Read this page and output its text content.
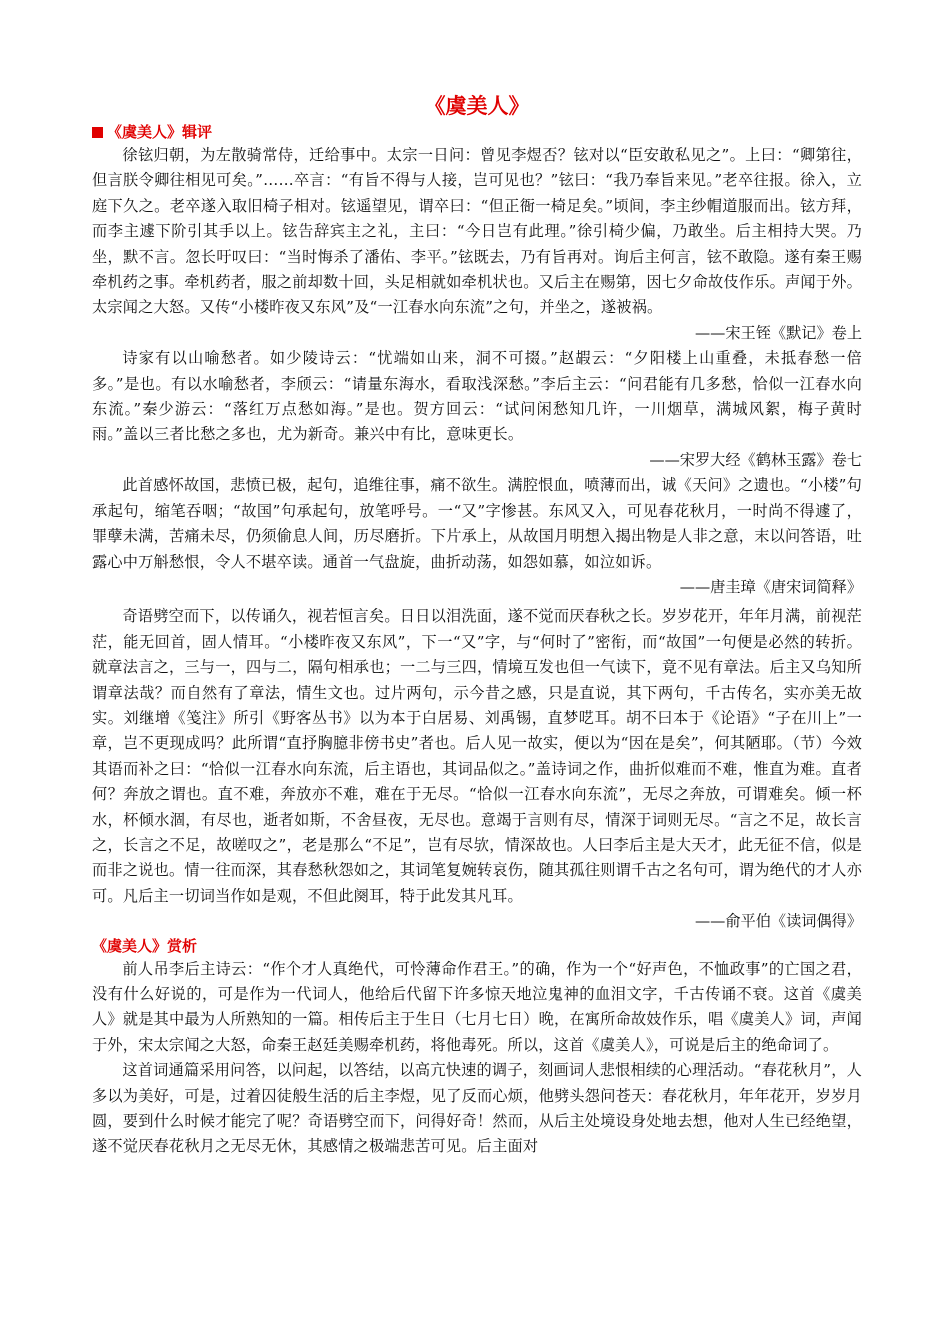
《虞美人》
《虞美人》辑评

徐铉归朝，为左散骑常侍，迁给事中。太宗一日问：曾见李煜否？铉对以“臣安敢私见之”。上曰：“卿第往，但言朕令卿往相见可矣。”……卒言：“有旨不得与人接，岂可见也？”铉曰：“我乃奉旨来见。”老卒往报。徐入，立庭下久之。老卒遂入取旧椅子相对。铉遥望见，谓卒曰：“但正衙一椅足矣。”顷间，李主纱帽道服而出。铉方拜，而李主遽下阶引其手以上。铉告辞宾主之礼，主曰：“今日岂有此理。”徐引椅少偏，乃敢坐。后主相持大哭。乃坐，默不言。忽长吁叹曰：“当时悔杀了潘佑、李平。”铉既去，乃有旨再对。询后主何言，铉不敢隐。遂有秦王赐牵机药之事。牵机药者，服之前却数十回，头足相就如牵机状也。又后主在赐第，因七夕命故伎作乐。声闻于外。太宗闻之大怒。又传“小楼昨夜又东风”及“一江春水向东流”之句，并坐之，遂被祸。

——宋王铚《默记》卷上

诗家有以山喻愁者。如少陵诗云：“忧端如山来，洞不可掇。”赵嘏云：“夕阳楼上山重叠，未抵春愁一倍多。”是也。有以水喻愁者，李颀云：“请量东海水，看取浅深愁。”李后主云：“问君能有几多愁，恰似一江春水向东流。”秦少游云：“落红万点愁如海。”是也。贺方回云：“试问闲愁知几许，一川烟草，满城风絮，梅子黄时雨。”盖以三者比愁之多也，尤为新奇。兼兴中有比，意味更长。

——宋罗大经《鹤林玉露》卷七

此首感怀故国，悲愤已极，起句，追维往事，痛不欲生。满腔恨血，喷薄而出，诚《天问》之遗也。“小楼”句承起句，缩笔吞咽；“故国”句承起句，放笔呼号。一“又”字惨甚。东风又入，可见春花秋月，一时尚不得遽了，罪孽未满，苦痛未尽，仍须偷息人间，历尽磨折。下片承上，从故国月明想入揭出物是人非之意，末以问答语，吐露心中万斛愁恨，令人不堪卒读。通首一气盘旋，曲折动荡，如怨如慕，如泣如诉。

——唐圭璋《唐宋词简释》

奇语劈空而下，以传诵久，视若恒言矣。日日以泪洗面，遂不觉而厌春秋之长。岁岁花开，年年月满，前视茫茫，能无回首，固人情耳。“小楼昨夜又东风”，下一“又”字，与“何时了”密衔，而“故国”一句便是必然的转折。就章法言之，三与一，四与二，隔句相承也；一二与三四，情境互发也但一气读下，竟不见有章法。后主又乌知所谓章法哉？而自然有了章法，情生文也。过片两句，示今昔之感，只是直说，其下两句，千古传名，实亦美无故实。刘继增《笺注》所引《野客丛书》以为本于白居易、刘禹锡，直梦呓耳。胡不曰本于《论语》“子在川上”一章，岂不更现成吗？此所谓“直抒胸臆非傍书史”者也。后人见一故实，便以为“因在是矣”，何其陋耶。（节）今效其语而补之曰：“恰似一江春水向东流，后主语也，其词品似之。”盖诗词之作，曲折似难而不难，惟直为难。直者何？奔放之谓也。直不难，奔放亦不难，难在于无尽。“恰似一江春水向东流”，无尽之奔放，可谓难矣。倾一杯水，杯倾水涸，有尽也，逝者如斯，不舍昼夜，无尽也。意竭于言则有尽，情深于词则无尽。“言之不足，故长言之，长言之不足，故嗟叹之”，老是那么“不足”，岂有尽欤，情深故也。人曰李后主是大天才，此无征不信，似是而非之说也。情一往而深，其春愁秋怨如之，其词笔复婉转哀伤，随其孤往则谓千古之名句可，谓为绝代的才人亦可。凡后主一切词当作如是观，不但此阕耳，特于此发其凡耳。

——俞平伯《读词偶得》

《虞美人》赏析

前人吊李后主诗云：“作个才人真绝代，可怜薄命作君王。”的确，作为一个“好声色，不恤政事”的亡国之君，没有什么好说的，可是作为一代词人，他给后代留下许多惊天地泣鬼神的血泪文字，千古传诵不衰。这首《虞美人》就是其中最为人所熟知的一篇。相传后主于生日（七月七日）晚，在寓所命故妓作乐，唱《虞美人》词，声闻于外，宋太宗闻之大怒，命秦王赵廷美赐牵机药，将他毒死。所以，这首《虞美人》，可说是后主的绝命词了。

这首词通篇采用问答，以问起，以答结，以高亢快速的调子，刻画词人悲恨相续的心理活动。“春花秋月”，人多以为美好，可是，过着囚徒般生活的后主李煜，见了反而心烦，他劈头怨问苍天：春花秋月，年年花开，岁岁月圆，要到什么时候才能完了呢？奇语劈空而下，问得好奇！然而，从后主处境设身处地去想，他对人生已经绝望，遂不觉厌春花秋月之无尽无休，其感情之极端悲苦可见。后主面对
